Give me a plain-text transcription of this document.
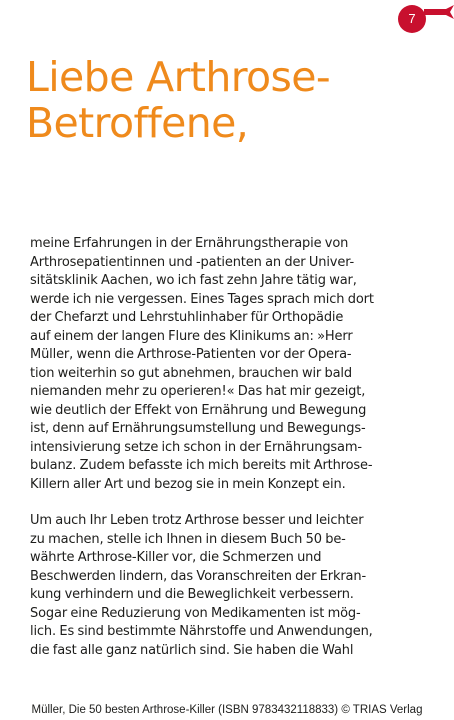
7
Liebe Arthrose-
Betroffene,

meine Erfahrungen in der Ernährungstherapie von
Arthrosepatientinnen und -patienten an der Univer-
sitätsklinik Aachen, wo ich fast zehn Jahre tätig war,
werde ich nie vergessen. Eines Tages sprach mich dort
der Chefarzt und Lehrstuhlinhaber für Orthopädie
auf einem der langen Flure des Klinikums an: »Herr
Müller, wenn die Arthrose-Patienten vor der Opera-
tion weiterhin so gut abnehmen, brauchen wir bald
niemanden mehr zu operieren!« Das hat mir gezeigt,
wie deutlich der Effekt von Ernährung und Bewegung
ist, denn auf Ernährungsumstellung und Bewegungs-
intensivierung setze ich schon in der Ernährungsam-
bulanz. Zudem befasste ich mich bereits mit Arthrose-
Killern aller Art und bezog sie in mein Konzept ein.

Um auch Ihr Leben trotz Arthrose besser und leichter
zu machen, stelle ich Ihnen in diesem Buch 50 be-
währte Arthrose-Killer vor, die Schmerzen und
Beschwerden lindern, das Voranschreiten der Erkran-
kung verhindern und die Beweglichkeit verbessern.
Sogar eine Reduzierung von Medikamenten ist mög-
lich. Es sind bestimmte Nährstoffe und Anwendungen,
die fast alle ganz natürlich sind. Sie haben die Wahl

Müller, Die 50 besten Arthrose-Killer (ISBN 9783432118833) © TRIAS Verlag
